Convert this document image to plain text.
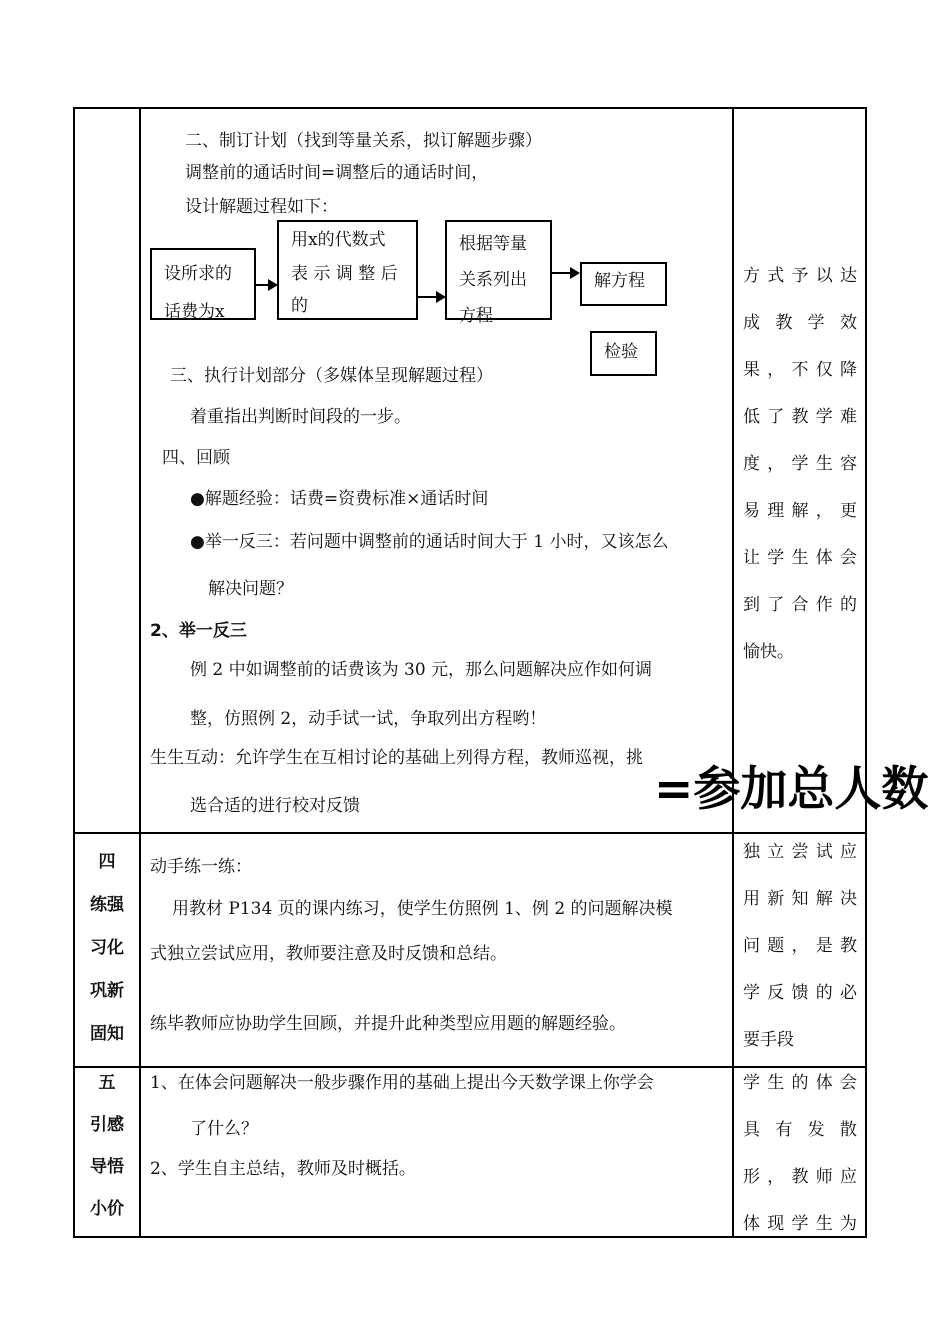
二、制订计划（找到等量关系，拟订解题步骤）
调整前的通话时间=调整后的通话时间，
设计解题过程如下：
设所求的
话费为x
用x的代数式
表 示 调 整 后
的
根据等量
关系列出
方程
解方程
检验
三、执行计划部分（多媒体呈现解题过程）
着重指出判断时间段的一步。
四、回顾
●解题经验：话费=资费标准×通话时间
●举一反三：若问题中调整前的通话时间大于 1 小时，又该怎么
解决问题？
2、举一反三
例 2 中如调整前的话费该为 30 元，那么问题解决应作如何调
整，仿照例 2，动手试一试，争取列出方程哟！
生生互动：允许学生在互相讨论的基础上列得方程，教师巡视，挑
选合适的进行校对反馈
方式予以达
成 教 学 效
果，不仅降
低了教学难
度，学生容
易理解，更
让学生体会
到了合作的
愉快。
四
练强
习化
巩新
固知
动手练一练：
用教材 P134 页的课内练习，使学生仿照例 1、例 2 的问题解决模
式独立尝试应用，教师要注意及时反馈和总结。
练毕教师应协助学生回顾，并提升此种类型应用题的解题经验。
独立尝试应
用新知解决
问题，是教
学反馈的必
要手段
五
引感
导悟
小价
1、在体会问题解决一般步骤作用的基础上提出今天数学课上你学会
了什么？
2、学生自主总结，教师及时概括。
学生的体会
具 有 发 散
形，教师应
体现学生为
=参加总人数
